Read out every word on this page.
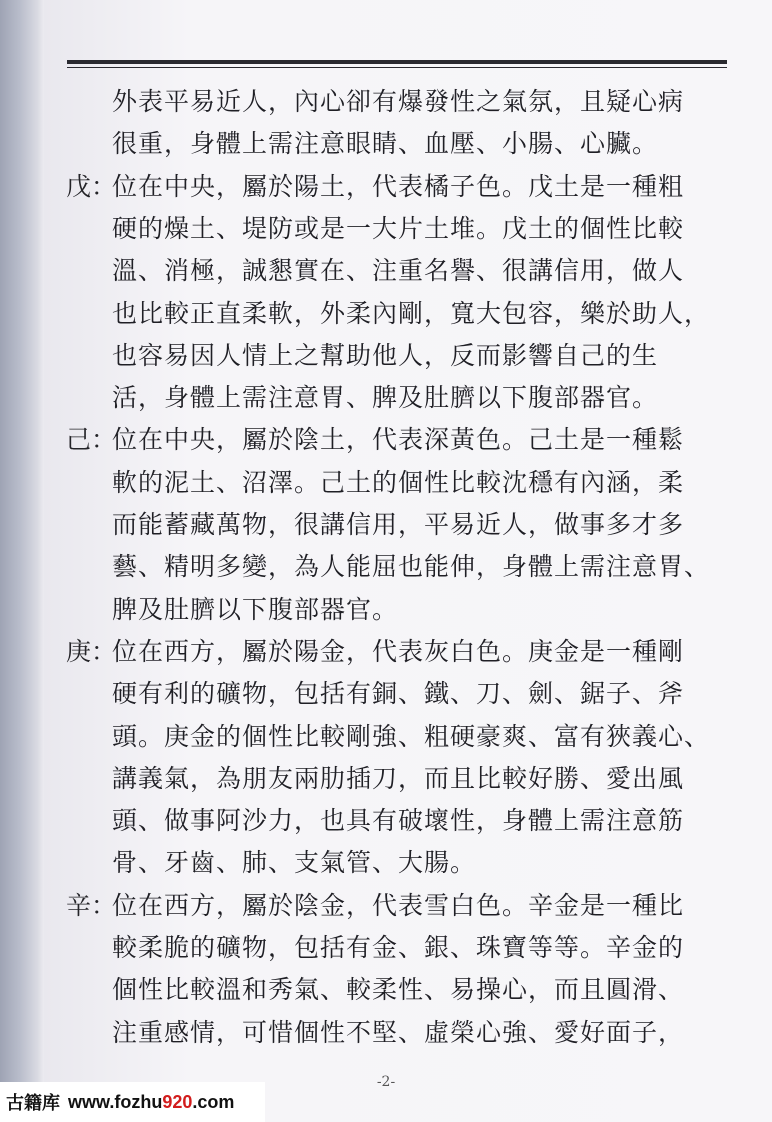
外表平易近人，內心卻有爆發性之氣氛，且疑心病
很重，身體上需注意眼睛、血壓、小腸、心臟。
戊：
位在中央，屬於陽土，代表橘子色。戊土是一種粗
硬的燥土、堤防或是一大片土堆。戊土的個性比較
溫、消極，誠懇實在、注重名譽、很講信用，做人
也比較正直柔軟，外柔內剛，寬大包容，樂於助人，
也容易因人情上之幫助他人，反而影響自己的生
活，身體上需注意胃、脾及肚臍以下腹部器官。
己：
位在中央，屬於陰土，代表深黃色。己土是一種鬆
軟的泥土、沼澤。己土的個性比較沈穩有內涵，柔
而能蓄藏萬物，很講信用，平易近人，做事多才多
藝、精明多變，為人能屈也能伸，身體上需注意胃、
脾及肚臍以下腹部器官。
庚：
位在西方，屬於陽金，代表灰白色。庚金是一種剛
硬有利的礦物，包括有銅、鐵、刀、劍、鋸子、斧
頭。庚金的個性比較剛強、粗硬豪爽、富有狹義心、
講義氣，為朋友兩肋插刀，而且比較好勝、愛出風
頭、做事阿沙力，也具有破壞性，身體上需注意筋
骨、牙齒、肺、支氣管、大腸。
辛：
位在西方，屬於陰金，代表雪白色。辛金是一種比
較柔脆的礦物，包括有金、銀、珠寶等等。辛金的
個性比較溫和秀氣、較柔性、易操心，而且圓滑、
注重感情，可惜個性不堅、虛榮心強、愛好面子，
-2-
古籍库 www.fozhu 920 .com
